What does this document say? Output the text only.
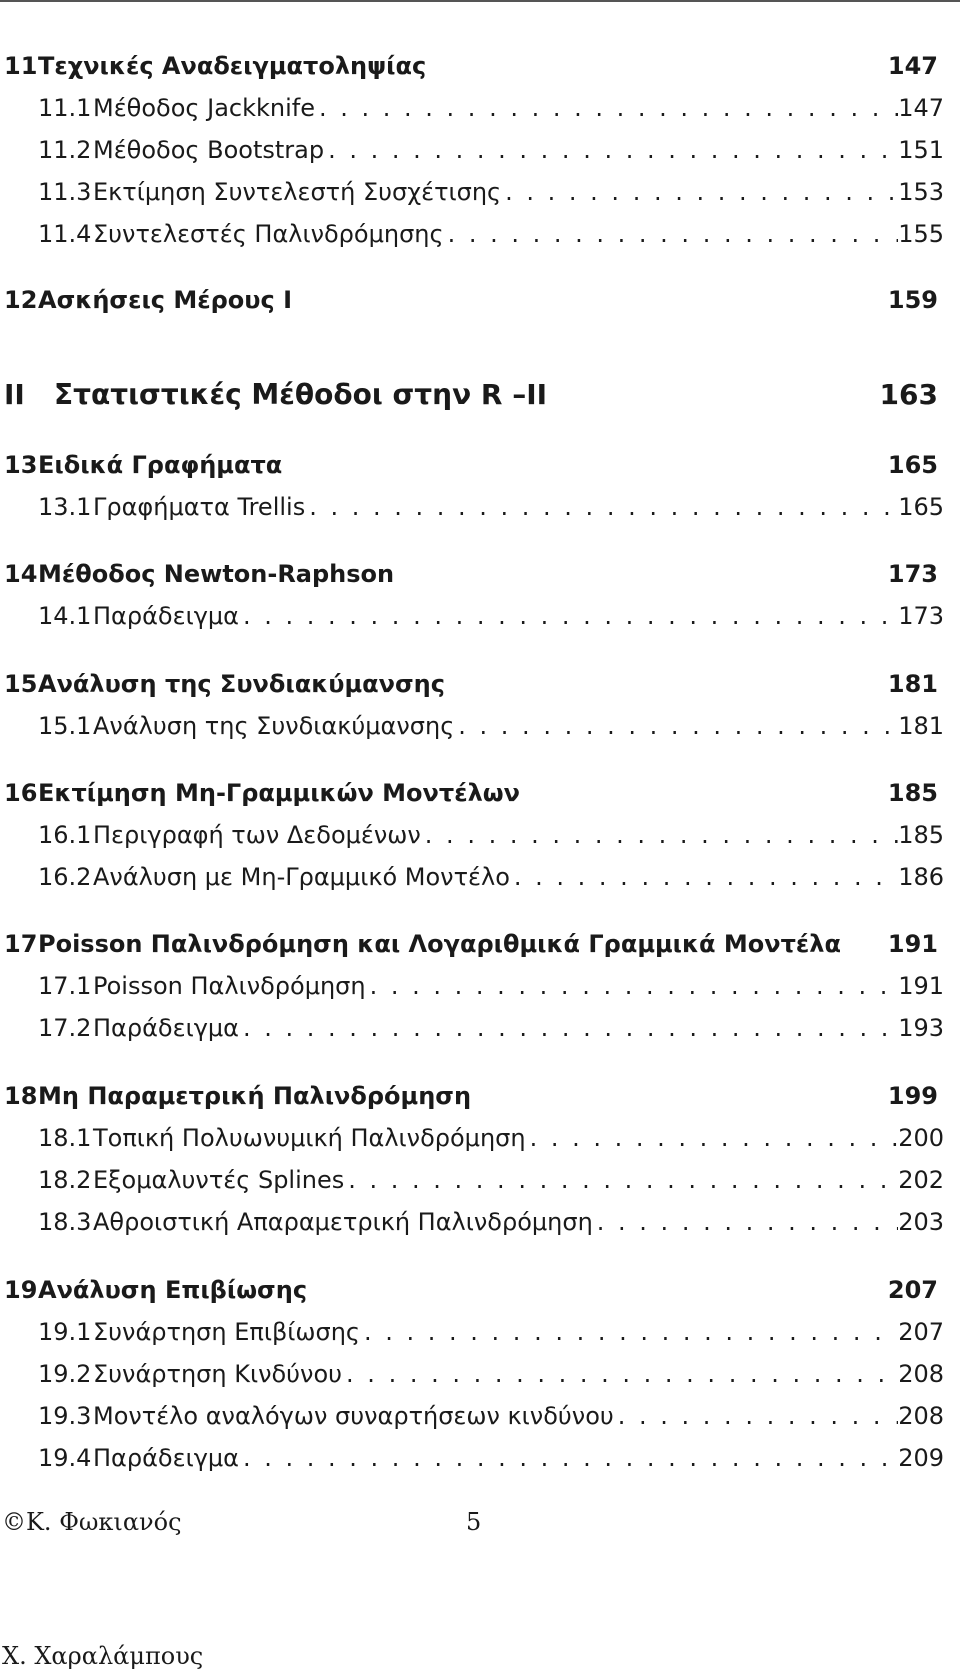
11 Τεχνικές Αναδειγματοληψίας	147
11.1 Μέθοδος Jackknife . . .	147
11.2 Μέθοδος Bootstrap . . .	151
11.3 Εκτίμηση Συντελεστή Συσχέτισης . . .	153
11.4 Συντελεστές Παλινδρόμησης . . .	155
12 Ασκήσεις Μέρους I	159
II	Στατιστικές Μέθοδοι στην R –II	163
13 Ειδικά Γραφήματα	165
13.1 Γραφήματα Trellis . . .	165
14 Μέθοδος Newton-Raphson	173
14.1 Παράδειγμα . . .	173
15 Ανάλυση της Συνδιακύμανσης	181
15.1 Ανάλυση της Συνδιακύμανσης . . .	181
16 Εκτίμηση Μη-Γραμμικών Μοντέλων	185
16.1 Περιγραφή των Δεδομένων . . .	185
16.2 Ανάλυση με Μη-Γραμμικό Μοντέλο . . .	186
17 Poisson Παλινδρόμηση και Λογαριθμικά Γραμμικά Μοντέλα	191
17.1 Poisson Παλινδρόμηση . . .	191
17.2 Παράδειγμα . . .	193
18 Μη Παραμετρική Παλινδρόμηση	199
18.1 Τοπική Πολυωνυμική Παλινδρόμηση . . .	200
18.2 Εξομαλυντές Splines . . .	202
18.3 Αθροιστική Απαραμετρική Παλινδρόμηση . . .	203
19 Ανάλυση Επιβίωσης	207
19.1 Συνάρτηση Επιβίωσης . . .	207
19.2 Συνάρτηση Κινδύνου . . .	208
19.3 Μοντέλο αναλόγων συναρτήσεων κινδύνου . . .	208
19.4 Παράδειγμα . . .	209
©Κ. Φωκιανός	5
Χ. Χαραλάμπους
